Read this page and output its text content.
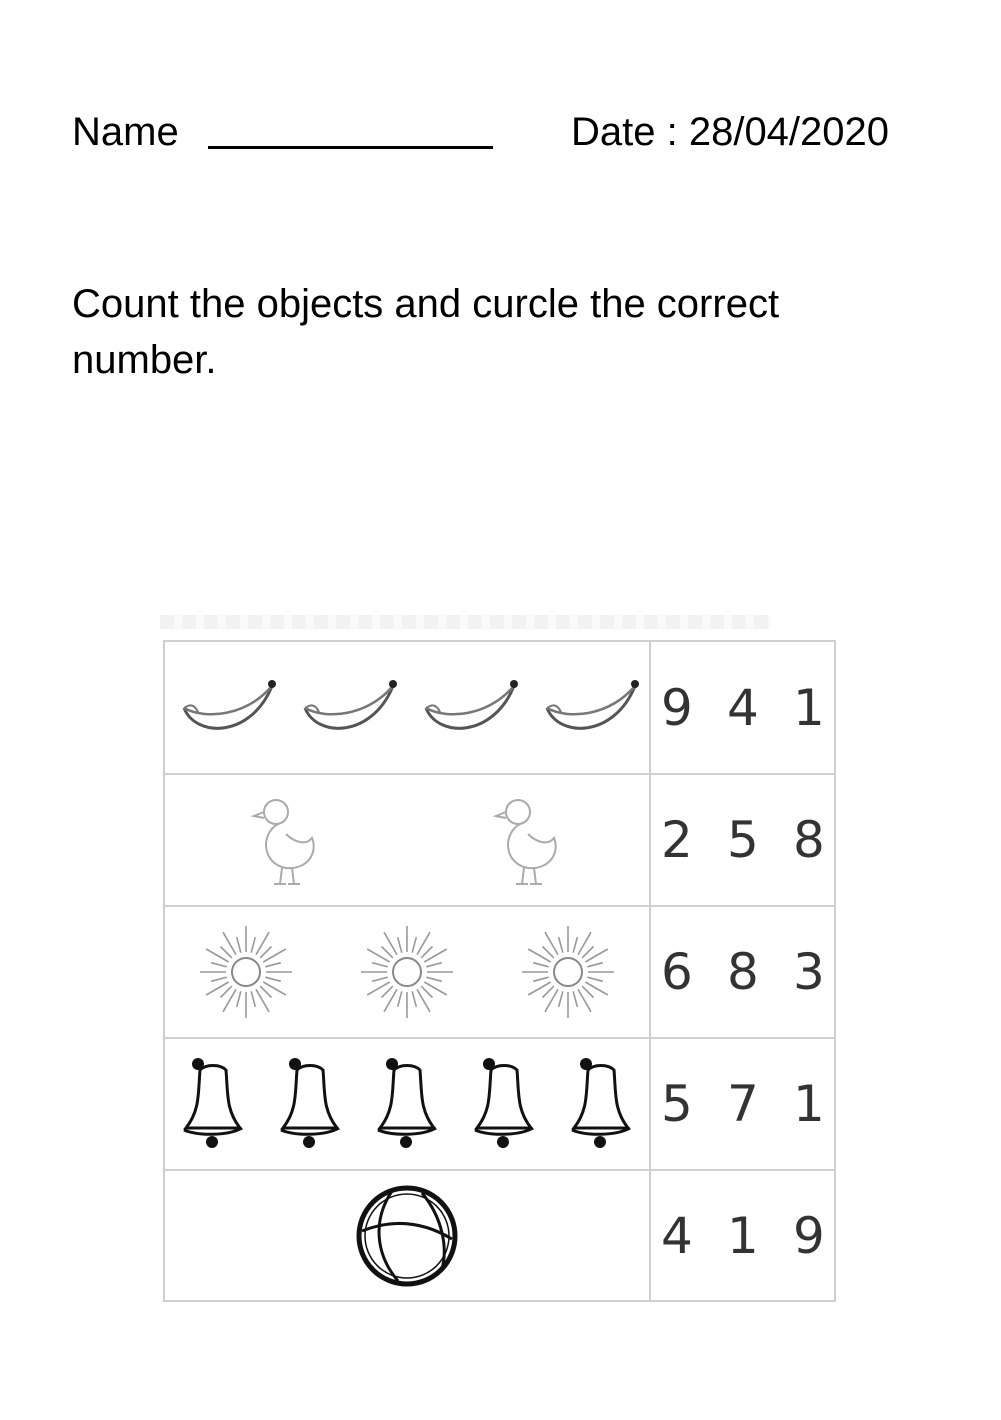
Name	Date : 28/04/2020
Count the objects and curcle the correct number.
9 4 1
2 5 8
6 8 3
5 7 1
4 1 9
